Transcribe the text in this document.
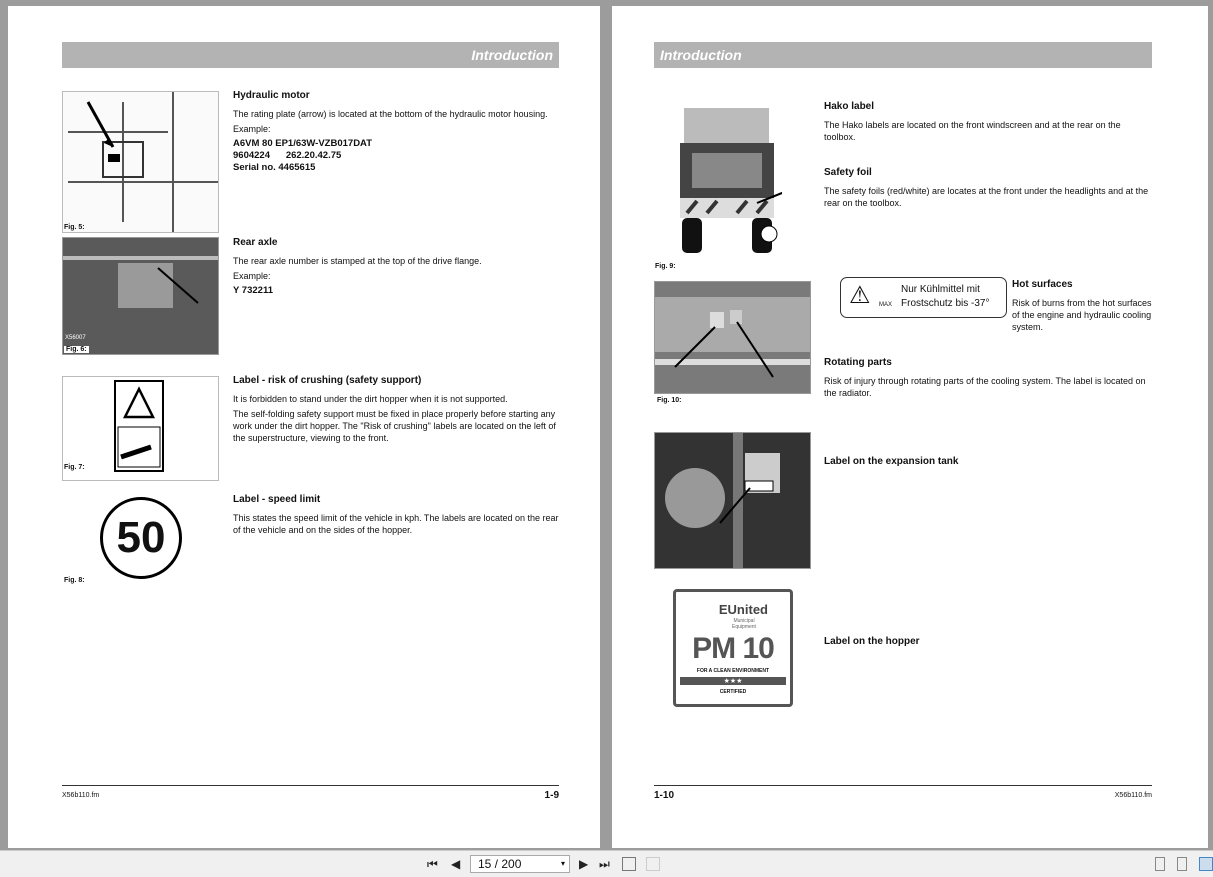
Introduction
Fig. 5:
Hydraulic motor
The rating plate (arrow) is located at the bottom of the hydraulic motor housing.
Example:
A6VM 80 EP1/63W-VZB017DAT
9604224      262.20.42.75
Serial no. 4465615
X56007
Fig. 6:
Rear axle
The rear axle number is stamped at the top of the drive flange.
Example:
Y 732211
Fig. 7:
Label - risk of crushing (safety support)
It is forbidden to stand under the dirt hopper when it is not supported.
The self-folding safety support must be fixed in place properly before starting any work under the dirt hopper. The "Risk of crushing" labels are located on the left of the superstructure, viewing to the front.
50
Fig. 8:
Label - speed limit
This states the speed limit of the vehicle in kph. The labels are located on the rear of the vehicle and on the sides of the hopper.
X56b110.fm	1-9
Introduction
Fig. 9:
Hako label
The Hako labels are located on the front windscreen and at the rear on the toolbox.
Safety foil
The safety foils (red/white) are locates at the front under the headlights and at the rear on the toolbox.
Fig. 10:
⚠ MAX
Nur Kühlmittel mit
Frostschutz bis -37°
Hot surfaces
Risk of burns from the hot surfaces of the engine and hydraulic cooling system.
Rotating parts
Risk of injury through rotating parts of the cooling system. The label is located on the radiator.
Label on the expansion tank
EUnited
Municipal Equipment
PM 10
FOR A CLEAN ENVIRONMENT
★★★
CERTIFIED
Label on the hopper
X56b110.fm
1-10
⏮ ◀	15 / 200	▾ ▶ ⏭
